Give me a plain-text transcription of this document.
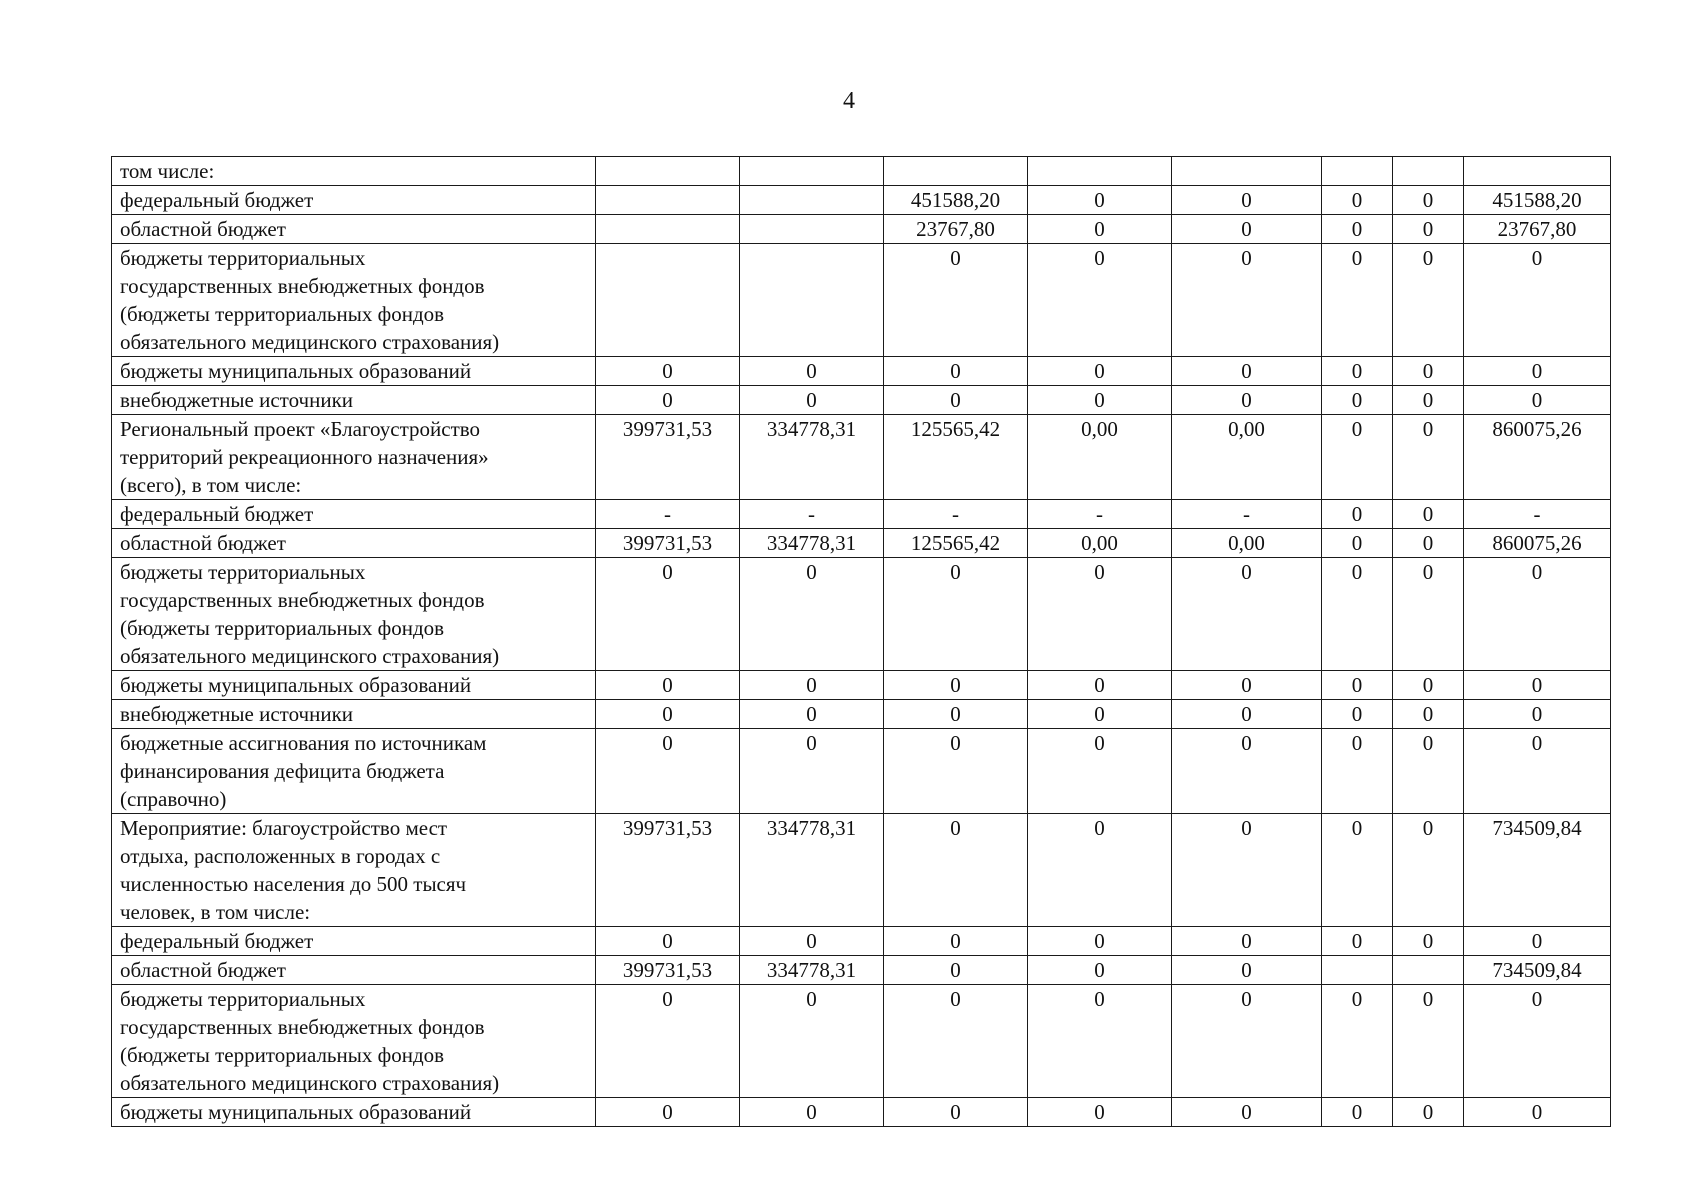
4
том числе:								

федеральный бюджет			451588,20	0	0	0	0	451588,20

областной бюджет			23767,80	0	0	0	0	23767,80

бюджеты территориальных
государственных внебюджетных фондов
(бюджеты территориальных фондов
обязательного медицинского страхования)			0	0	0	0	0	0

бюджеты муниципальных образований	0	0	0	0	0	0	0	0

внебюджетные источники	0	0	0	0	0	0	0	0

Региональный проект «Благоустройство
территорий рекреационного назначения»
(всего), в том числе:	399731,53	334778,31	125565,42	0,00	0,00	0	0	860075,26

федеральный бюджет	-	-	-	-	-	0	0	-

областной бюджет	399731,53	334778,31	125565,42	0,00	0,00	0	0	860075,26

бюджеты территориальных
государственных внебюджетных фондов
(бюджеты территориальных фондов
обязательного медицинского страхования)	0	0	0	0	0	0	0	0

бюджеты муниципальных образований	0	0	0	0	0	0	0	0

внебюджетные источники	0	0	0	0	0	0	0	0

бюджетные ассигнования по источникам
финансирования дефицита бюджета
(справочно)	0	0	0	0	0	0	0	0

Мероприятие: благоустройство мест
отдыха, расположенных в городах с
численностью населения до 500 тысяч
человек, в том числе:	399731,53	334778,31	0	0	0	0	0	734509,84

федеральный бюджет	0	0	0	0	0	0	0	0

областной бюджет	399731,53	334778,31	0	0	0			734509,84

бюджеты территориальных
государственных внебюджетных фондов
(бюджеты территориальных фондов
обязательного медицинского страхования)	0	0	0	0	0	0	0	0

бюджеты муниципальных образований	0	0	0	0	0	0	0	0
